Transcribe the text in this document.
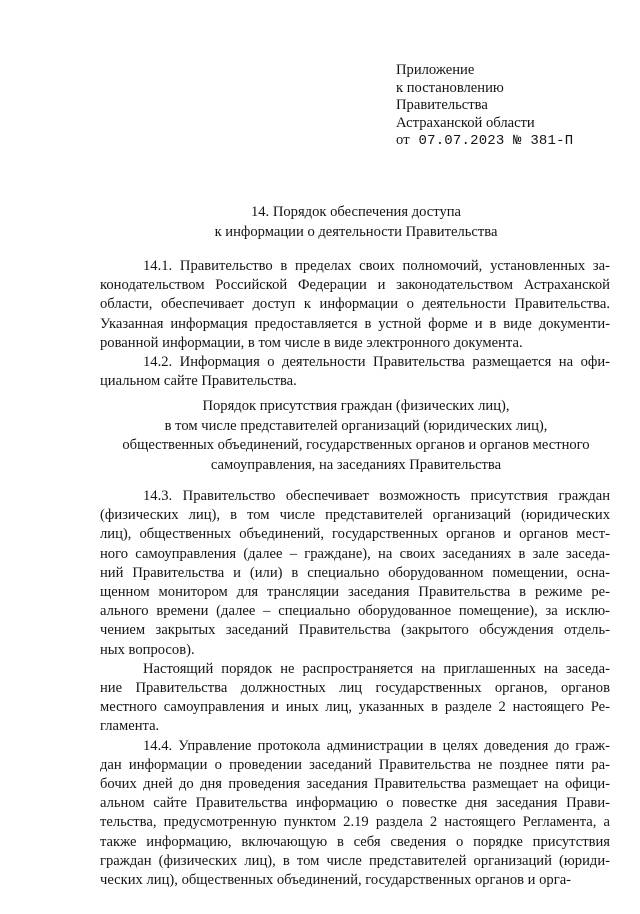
Приложение
к постановлению
Правительства
Астраханской области
от 07.07.2023 № 381-П
14. Порядок обеспечения доступа
к информации о деятельности Правительства

14.1. Правительство в пределах своих полномочий, установленных за-
конодательством Российской Федерации и законодательством Астраханской
области, обеспечивает доступ к информации о деятельности Правительства.
Указанная информация предоставляется в устной форме и в виде документи-
рованной информации, в том числе в виде электронного документа.

14.2. Информация о деятельности Правительства размещается на офи-
циальном сайте Правительства.

Порядок присутствия граждан (физических лиц),
в том числе представителей организаций (юридических лиц),
общественных объединений, государственных органов и органов местного
самоуправления, на заседаниях Правительства

14.3. Правительство обеспечивает возможность присутствия граждан
(физических лиц), в том числе представителей организаций (юридических
лиц), общественных объединений, государственных органов и органов мест-
ного самоуправления (далее – граждане), на своих заседаниях в зале заседа-
ний Правительства и (или) в специально оборудованном помещении, осна-
щенном монитором для трансляции заседания Правительства в режиме ре-
ального времени (далее – специально оборудованное помещение), за исклю-
чением закрытых заседаний Правительства (закрытого обсуждения отдель-
ных вопросов).

Настоящий порядок не распространяется на приглашенных на заседа-
ние Правительства должностных лиц государственных органов, органов
местного самоуправления и иных лиц, указанных в разделе 2 настоящего Ре-
гламента.

14.4. Управление протокола администрации в целях доведения до граж-
дан информации о проведении заседаний Правительства не позднее пяти ра-
бочих дней до дня проведения заседания Правительства размещает на офици-
альном сайте Правительства информацию о повестке дня заседания Прави-
тельства, предусмотренную пунктом 2.19 раздела 2 настоящего Регламента, а
также информацию, включающую в себя сведения о порядке присутствия
граждан (физических лиц), в том числе представителей организаций (юриди-
ческих лиц), общественных объединений, государственных органов и орга-
